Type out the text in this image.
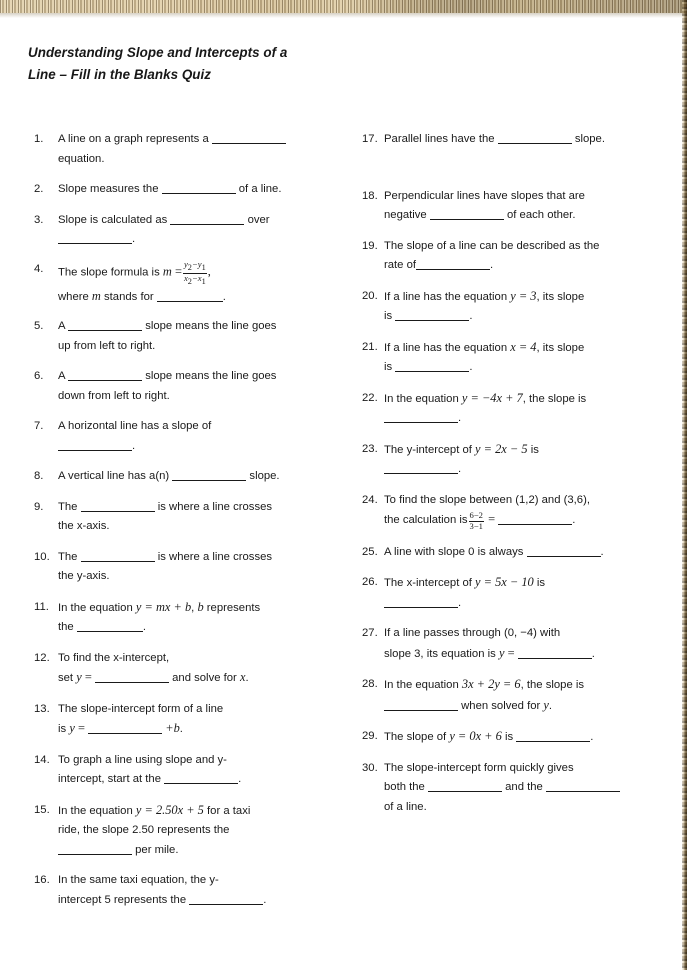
Understanding Slope and Intercepts of a
Line – Fill in the Blanks Quiz
1.	A line on a graph represents a  equation.
2.	Slope measures the	of a line.
3.	Slope is calculated as	over
.
4.	The slope formula is $m = \frac{y2-y1}{x2-x1}$ ,
where m stands for	.
5.	A	slope means the line goes
up from left to right.
6.	A	slope means the line goes
down from left to right.
7.	A horizontal line has a slope of
.
8.	A vertical line has a(n)	slope.
9.	The	is where a line crosses
the x-axis.
10. The	is where a line crosses
the y-axis.
11. In the equation y = mx + b, b represents
the	.
12. To find the x-intercept,
set y =	and solve for x.
13. The slope-intercept form of a line
is y =	+b.
14. To graph a line using slope and y-
intercept, start at the	.
15. In the equation y = 2.50x + 5 for a taxi
ride, the slope 2.50 represents the
per mile.
16. In the same taxi equation, the y-
intercept 5 represents the	.
17. Parallel lines have the	slope.
18. Perpendicular lines have slopes that are
negative	of each other.
19. The slope of a line can be described as the
rate of	.
20. If a line has the equation y = 3, its slope
is	.
21. If a line has the equation x = 4, its slope
is	.
22. In the equation y = −4x + 7, the slope is
.
23. The y-intercept of y = 2x − 5 is
.
24. To find the slope between (1,2) and (3,6),
the calculation is $\frac{6-2}{3-1}$ =	.
25. A line with slope 0 is always	.
26. The x-intercept of y = 5x − 10 is
.
27. If a line passes through (0, −4) with
slope 3, its equation is y =	.
28. In the equation 3x + 2y = 6, the slope is
when solved for y.
29. The slope of y = 0x + 6 is	.
30. The slope-intercept form quickly gives
both the	and the
of a line.
